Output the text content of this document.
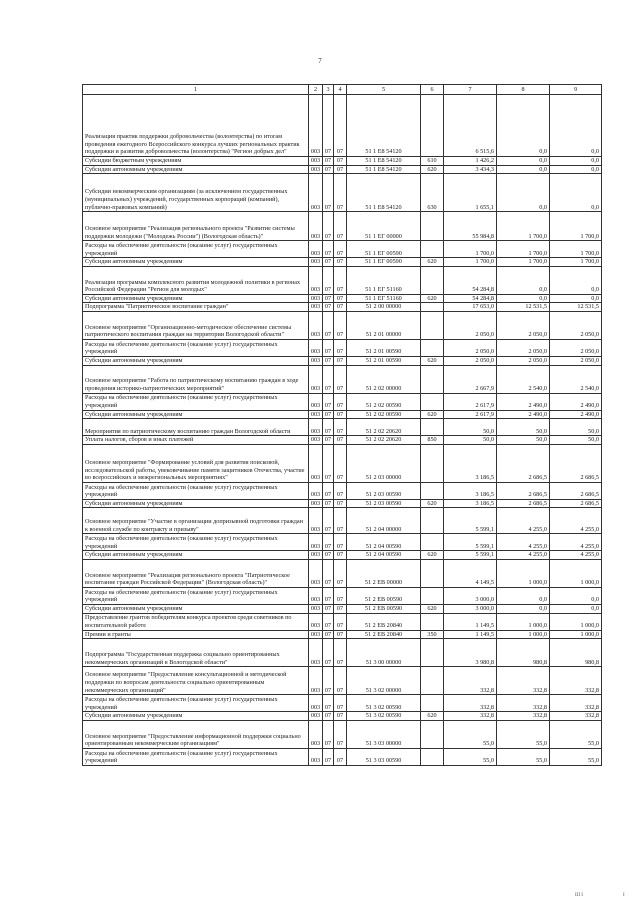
7
1	2	3	4	5	6	7	8	9
Реализация практик поддержки добровольчества (волонтерства) по итогам проведения ежегодного Всероссийского конкурса лучших региональных практик поддержки и развития добровольчества (волонтерства) "Регион добрых дел"	003	07	07	51 1 E8 54120		6 515,6	0,0	0,0
Субсидии бюджетным учреждениям	003	07	07	51 1 E8 54120	610	1 426,2	0,0	0,0
Субсидии автономным учреждениям	003	07	07	51 1 E8 54120	620	3 434,3	0,0	0,0
Субсидии некоммерческим организациям (за исключением государственных (муниципальных) учреждений, государственных корпораций (компаний), публично-правовых компаний)	003	07	07	51 1 E8 54120	630	1 655,1	0,0	0,0
Основное мероприятие "Реализация регионального проекта "Развитие системы поддержки молодежи ("Молодежь России") (Вологодская область)"	003	07	07	51 1 ЕГ 00000		55 984,8	1 700,0	1 700,0
Расходы на обеспечение деятельности (оказание услуг) государственных учреждений	003	07	07	51 1 ЕГ 00590		1 700,0	1 700,0	1 700,0
Субсидии автономным учреждениям	003	07	07	51 1 ЕГ 00590	620	1 700,0	1 700,0	1 700,0
Реализация программы комплексного развития молодежной политики в регионах Российской Федерации "Регион для молодых"	003	07	07	51 1 ЕГ 51160		54 284,8	0,0	0,0
Субсидии автономным учреждениям	003	07	07	51 1 ЕГ 51160	620	54 284,8	0,0	0,0
Подпрограмма "Патриотическое воспитание граждан"	003	07	07	51 2 00 00000		17 653,0	12 531,5	12 531,5
Основное мероприятие "Организационно-методическое обеспечение системы патриотического воспитания граждан на территории Вологодской области"	003	07	07	51 2 01 00000		2 050,0	2 050,0	2 050,0
Расходы на обеспечение деятельности (оказание услуг) государственных учреждений	003	07	07	51 2 01 00590		2 050,0	2 050,0	2 050,0
Субсидии автономным учреждениям	003	07	07	51 2 01 00590	620	2 050,0	2 050,0	2 050,0
Основное мероприятие "Работа по патриотическому воспитанию граждан в ходе проведения историко-патриотических мероприятий"	003	07	07	51 2 02 00000		2 667,9	2 540,0	2 540,0
Расходы на обеспечение деятельности (оказание услуг) государственных учреждений	003	07	07	51 2 02 00590		2 617,9	2 490,0	2 490,0
Субсидии автономным учреждениям	003	07	07	51 2 02 00590	620	2 617,9	2 490,0	2 490,0
Мероприятия по патриотическому воспитанию граждан Вологодской области	003	07	07	51 2 02 20620		50,0	50,0	50,0
Уплата налогов, сборов и иных платежей	003	07	07	51 2 02 20620	850	50,0	50,0	50,0
Основное мероприятие "Формирование условий для развития поисковой, исследовательской работы, увековечивание памяти защитников Отечества, участие во всероссийских и межрегиональных мероприятиях"	003	07	07	51 2 03 00000		3 186,5	2 686,5	2 686,5
Расходы на обеспечение деятельности (оказание услуг) государственных учреждений	003	07	07	51 2 03 00590		3 186,5	2 686,5	2 686,5
Субсидии автономным учреждениям	003	07	07	51 2 03 00590	620	3 186,5	2 686,5	2 686,5
Основное мероприятие "Участие в организации допризывной подготовки граждан к военной службе по контракту и призыву"	003	07	07	51 2 04 00000		5 599,1	4 255,0	4 255,0
Расходы на обеспечение деятельности (оказание услуг) государственных учреждений	003	07	07	51 2 04 00590		5 599,1	4 255,0	4 255,0
Субсидии автономным учреждениям	003	07	07	51 2 04 00590	620	5 599,1	4 255,0	4 255,0
Основное мероприятие "Реализация регионального проекта "Патриотическое воспитание граждан Российской Федерации" (Вологодская область)"	003	07	07	51 2 EB 00000		4 149,5	1 000,0	1 000,0
Расходы на обеспечение деятельности (оказание услуг) государственных учреждений	003	07	07	51 2 EB 00590		3 000,0	0,0	0,0
Субсидии автономным учреждениям	003	07	07	51 2 EB 00590	620	3 000,0	0,0	0,0
Предоставление грантов победителям конкурса проектов среди советников по воспитательной работе	003	07	07	51 2 EB 20840		1 149,5	1 000,0	1 000,0
Премии и гранты	003	07	07	51 2 EB 20840	350	1 149,5	1 000,0	1 000,0
Подпрограмма "Государственная поддержка социально ориентированных некоммерческих организаций в Вологодской области"	003	07	07	51 3 00 00000		3 980,8	980,8	980,8
Основное мероприятие "Предоставление консультационной и методической поддержки по вопросам деятельности социально ориентированным некоммерческих организаций"	003	07	07	51 3 02 00000		332,8	332,8	332,8
Расходы на обеспечение деятельности (оказание услуг) государственных учреждений	003	07	07	51 3 02 00590		332,8	332,8	332,8
Субсидии автономным учреждениям	003	07	07	51 3 02 00590	620	332,8	332,8	332,8
Основное мероприятие "Предоставление информационной поддержки социально ориентированным некоммерческим организациям"	003	07	07	51 3 03 00000		55,0	55,0	55,0
Расходы на обеспечение деятельности (оказание услуг) государственных учреждений	003	07	07	51 3 03 00590		55,0	55,0	55,0
III I	I
